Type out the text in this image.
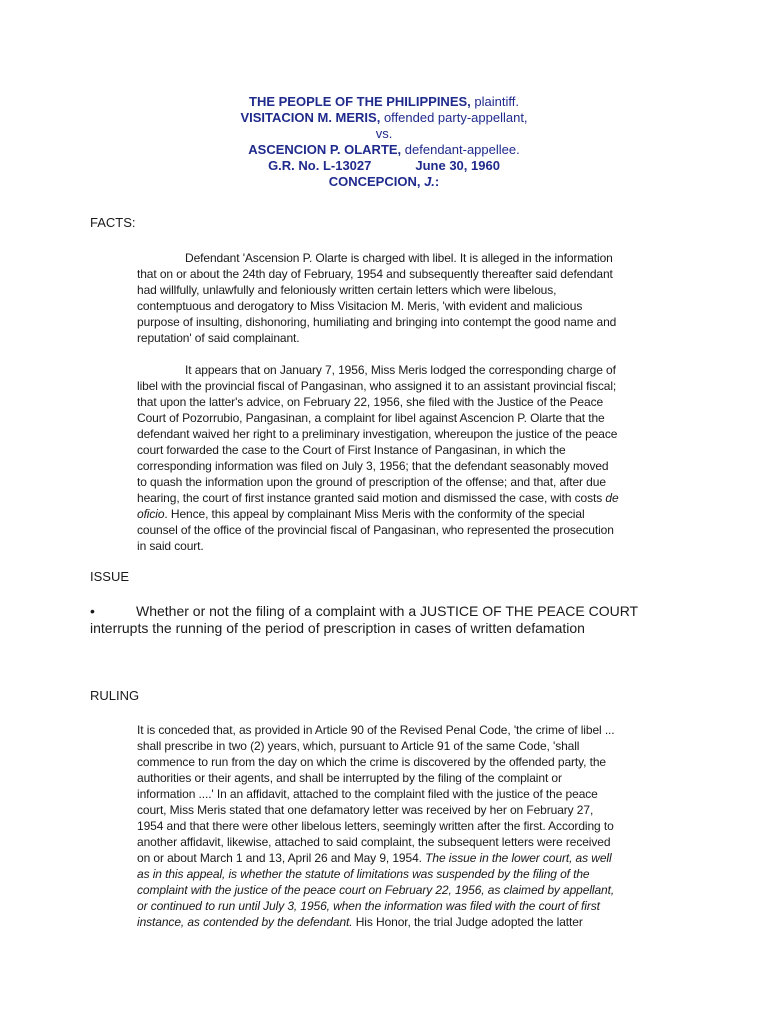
THE PEOPLE OF THE PHILIPPINES, plaintiff.
VISITACION M. MERIS, offended party-appellant,
vs.
ASCENCION P. OLARTE, defendant-appellee.
G.R. No. L-13027	June 30, 1960
CONCEPCION, J.:
FACTS:
Defendant 'Ascension P. Olarte is charged with libel. It is alleged in the information
that on or about the 24th day of February, 1954 and subsequently thereafter said defendant
had willfully, unlawfully and feloniously written certain letters which were libelous,
contemptuous and derogatory to Miss Visitacion M. Meris, 'with evident and malicious
purpose of insulting, dishonoring, humiliating and bringing into contempt the good name and
reputation' of said complainant.
It appears that on January 7, 1956, Miss Meris lodged the corresponding charge of
libel with the provincial fiscal of Pangasinan, who assigned it to an assistant provincial fiscal;
that upon the latter's advice, on February 22, 1956, she filed with the Justice of the Peace
Court of Pozorrubio, Pangasinan, a complaint for libel against Ascencion P. Olarte that the
defendant waived her right to a preliminary investigation, whereupon the justice of the peace
court forwarded the case to the Court of First Instance of Pangasinan, in which the
corresponding information was filed on July 3, 1956; that the defendant seasonably moved
to quash the information upon the ground of prescription of the offense; and that, after due
hearing, the court of first instance granted said motion and dismissed the case, with costs de
oficio. Hence, this appeal by complainant Miss Meris with the conformity of the special
counsel of the office of the provincial fiscal of Pangasinan, who represented the prosecution
in said court.
ISSUE
•	Whether or not the filing of a complaint with a JUSTICE OF THE PEACE COURT
interrupts the running of the period of prescription in cases of written defamation
RULING
It is conceded that, as provided in Article 90 of the Revised Penal Code, 'the crime of libel ...
shall prescribe in two (2) years, which, pursuant to Article 91 of the same Code, 'shall
commence to run from the day on which the crime is discovered by the offended party, the
authorities or their agents, and shall be interrupted by the filing of the complaint or
information ....' In an affidavit, attached to the complaint filed with the justice of the peace
court, Miss Meris stated that one defamatory letter was received by her on February 27,
1954 and that there were other libelous letters, seemingly written after the first. According to
another affidavit, likewise, attached to said complaint, the subsequent letters were received
on or about March 1 and 13, April 26 and May 9, 1954. The issue in the lower court, as well
as in this appeal, is whether the statute of limitations was suspended by the filing of the
complaint with the justice of the peace court on February 22, 1956, as claimed by appellant,
or continued to run until July 3, 1956, when the information was filed with the court of first
instance, as contended by the defendant. His Honor, the trial Judge adopted the latter
